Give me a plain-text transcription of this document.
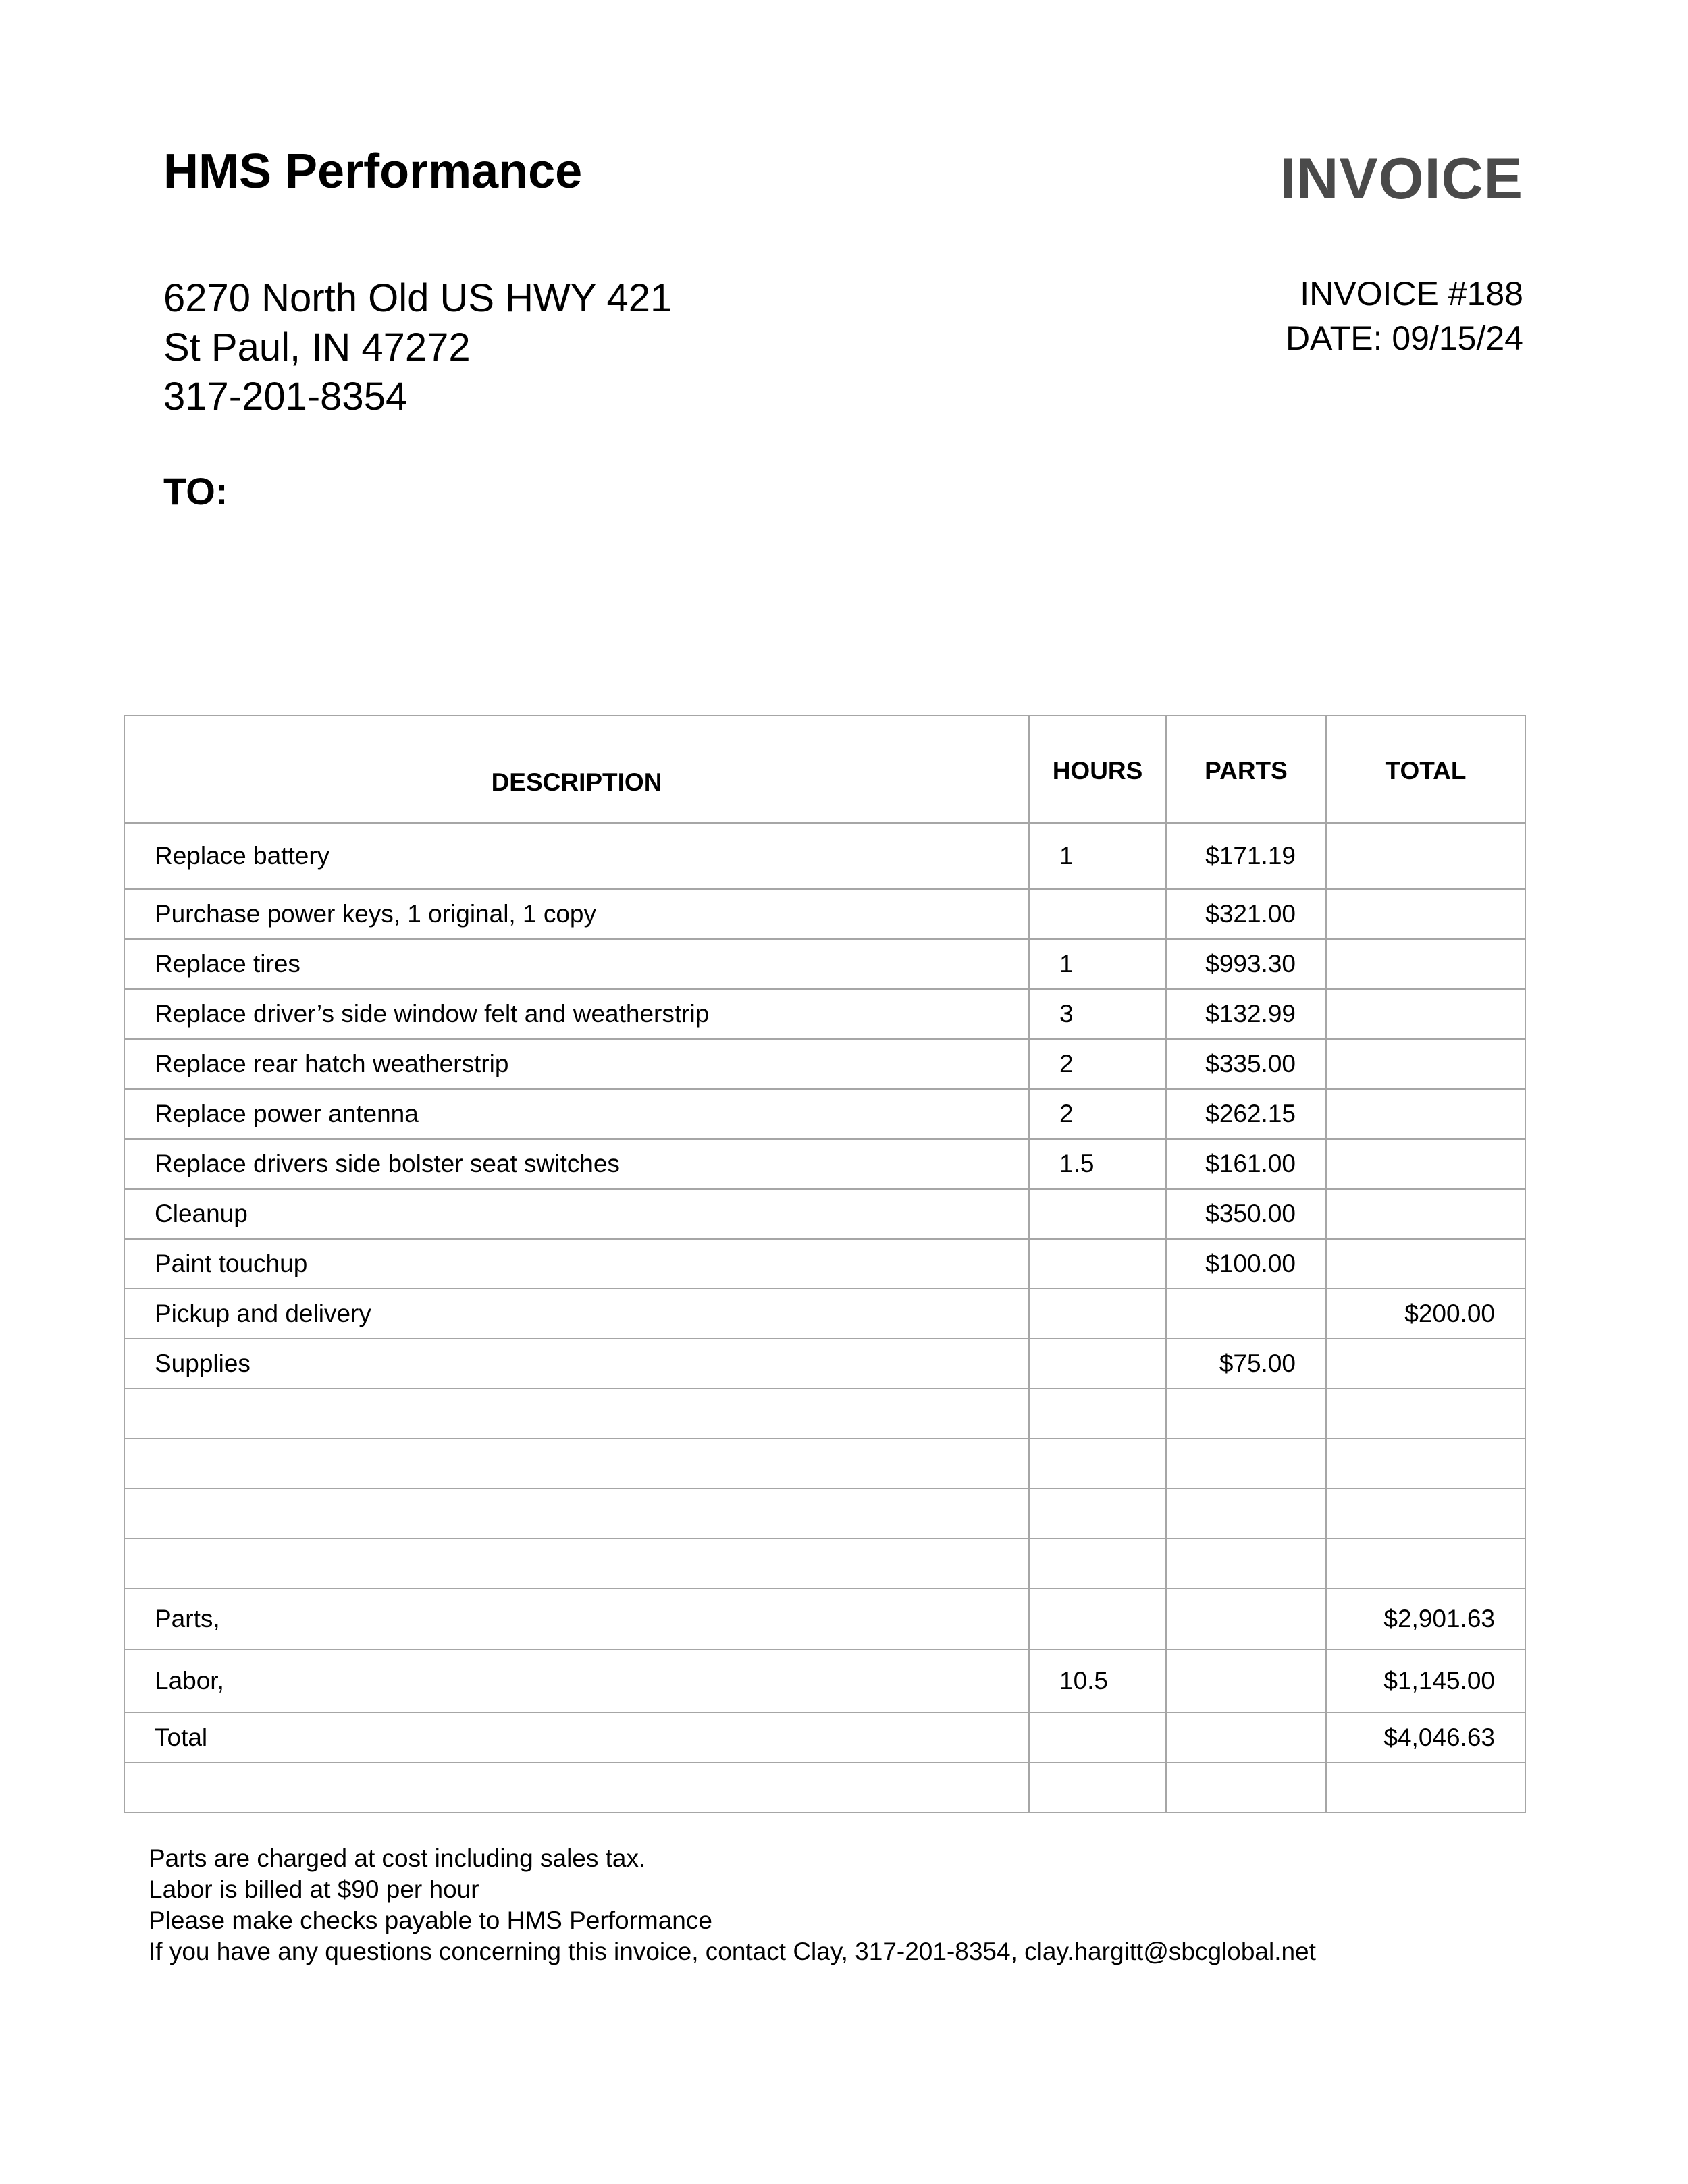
HMS Performance	INVOICE
6270 North Old US HWY 421
St Paul, IN 47272
317-201-8354
INVOICE #188
DATE: 09/15/24
TO:
DESCRIPTION	HOURS	PARTS	TOTAL
Replace battery	1	$171.19	
Purchase power keys, 1 original, 1 copy		$321.00	
Replace tires	1	$993.30	
Replace driver’s side window felt and weatherstrip	3	$132.99	
Replace rear hatch weatherstrip	2	$335.00	
Replace power antenna	2	$262.15	
Replace drivers side bolster seat switches	1.5	$161.00	
Cleanup		$350.00	
Paint touchup		$100.00	
Pickup and delivery			$200.00
Supplies		$75.00	

Parts,			$2,901.63
Labor,	10.5		$1,145.00
Total			$4,046.63

Parts are charged at cost including sales tax.
Labor is billed at $90 per hour
Please make checks payable to HMS Performance
If you have any questions concerning this invoice, contact Clay, 317-201-8354, clay.hargitt@sbcglobal.net
